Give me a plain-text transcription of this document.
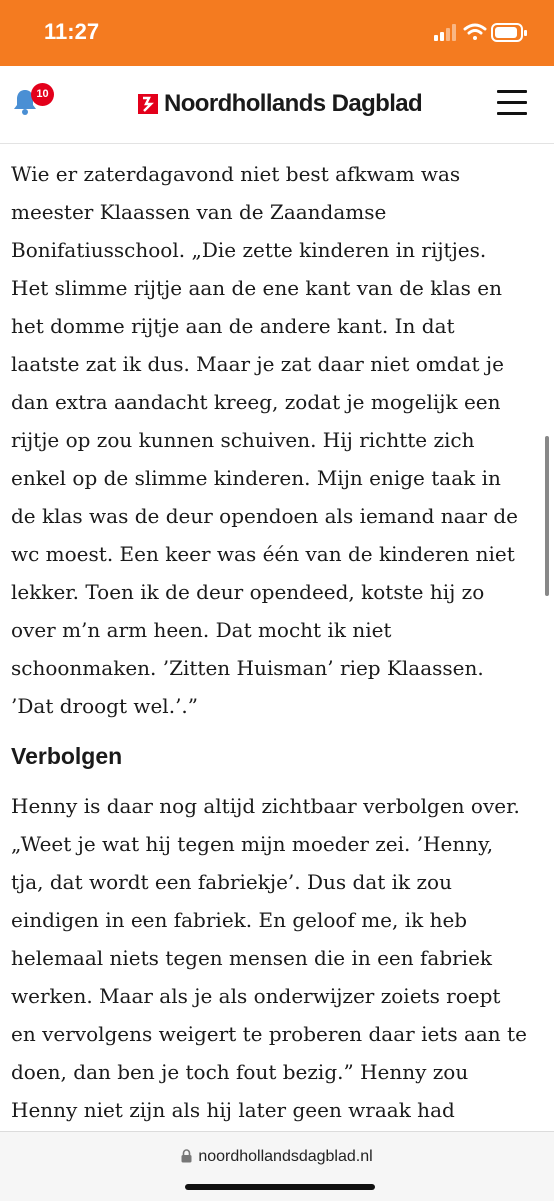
11:27
10	Noordhollands Dagblad
Wie er zaterdagavond niet best afkwam was
meester Klaassen van de Zaandamse
Bonifatiusschool. „Die zette kinderen in rijtjes.
Het slimme rijtje aan de ene kant van de klas en
het domme rijtje aan de andere kant. In dat
laatste zat ik dus. Maar je zat daar niet omdat je
dan extra aandacht kreeg, zodat je mogelijk een
rijtje op zou kunnen schuiven. Hij richtte zich
enkel op de slimme kinderen. Mijn enige taak in
de klas was de deur opendoen als iemand naar de
wc moest. Een keer was één van de kinderen niet
lekker. Toen ik de deur opendeed, kotste hij zo
over m’n arm heen. Dat mocht ik niet
schoonmaken. ’Zitten Huisman’ riep Klaassen.
’Dat droogt wel.’.”
Verbolgen
Henny is daar nog altijd zichtbaar verbolgen over.
„Weet je wat hij tegen mijn moeder zei. ’Henny,
tja, dat wordt een fabriekje’. Dus dat ik zou
eindigen in een fabriek. En geloof me, ik heb
helemaal niets tegen mensen die in een fabriek
werken. Maar als je als onderwijzer zoiets roept
en vervolgens weigert te proberen daar iets aan te
doen, dan ben je toch fout bezig.” Henny zou
Henny niet zijn als hij later geen wraak had
noordhollandsdagblad.nl
